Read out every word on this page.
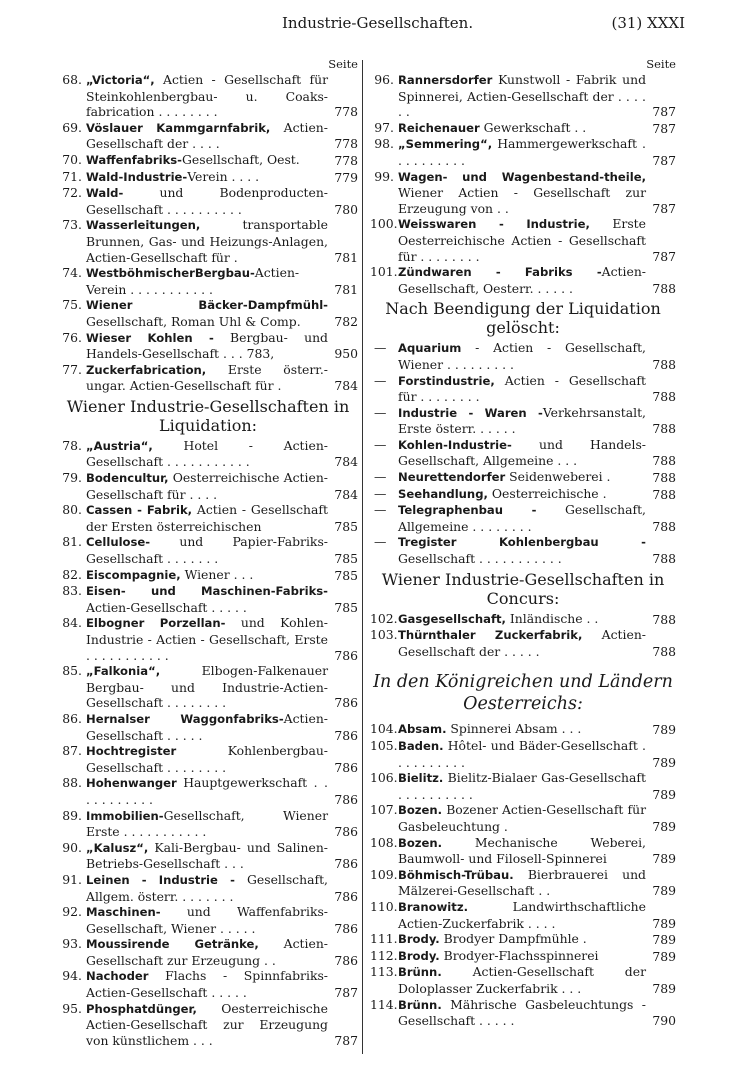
Industrie-Gesellschaften.	(31) XXXI
Seite
68. „Victoria“, Actien - Gesellschaft für Steinkohlenbergbau- u. Coaks-fabrication . . . . . . . .	778
69. Vöslauer Kammgarnfabrik, Actien-Gesellschaft der . . . .	778
70. Waffenfabriks-Gesellschaft, Oest.	778
71. Wald-Industrie-Verein . . . .	779
72. Wald- und Bodenproducten-Gesellschaft . . . . . . . . . .	780
73. Wasserleitungen, transportable Brunnen, Gas- und Heizungs-Anlagen, Actien-Gesellschaft für .	781
74. WestböhmischerBergbau-Actien-Verein . . . . . . . . . . .	781
75. Wiener Bäcker-Dampfmühl-Gesellschaft, Roman Uhl & Comp.	782
76. Wieser Kohlen - Bergbau- und Handels-Gesellschaft . . . 783,	950
77. Zuckerfabrication, Erste österr.-ungar. Actien-Gesellschaft für .	784
Wiener Industrie-Gesellschaften in Liquidation:
78. „Austria“, Hotel - Actien- Gesellschaft . . . . . . . . . . .	784
79. Bodencultur, Oesterreichische Actien-Gesellschaft für . . . .	784
80. Cassen - Fabrik, Actien - Gesellschaft der Ersten österreichischen	785
81. Cellulose- und Papier-Fabriks-Gesellschaft . . . . . . .	785
82. Eiscompagnie, Wiener . . .	785
83. Eisen- und Maschinen-Fabriks-Actien-Gesellschaft . . . . .	785
84. Elbogner Porzellan- und Kohlen-Industrie - Actien - Gesellschaft, Erste . . . . . . . . . . .	786
85. „Falkonia“, Elbogen-Falkenauer Bergbau- und Industrie-Actien-Gesellschaft . . . . . . . .	786
86. Hernalser Waggonfabriks-Actien-Gesellschaft . . . . .	786
87. Hochtregister Kohlenbergbau-Gesellschaft . . . . . . . .	786
88. Hohenwanger Hauptgewerkschaft . . . . . . . . . . .	786
89. Immobilien-Gesellschaft, Wiener Erste . . . . . . . . . . .	786
90. „Kalusz“, Kali-Bergbau- und Salinen-Betriebs-Gesellschaft . . .	786
91. Leinen - Industrie - Gesellschaft, Allgem. österr. . . . . . . .	786
92. Maschinen- und Waffenfabriks-Gesellschaft, Wiener . . . . .	786
93. Moussirende Getränke, Actien-Gesellschaft zur Erzeugung . .	786
94. Nachoder Flachs - Spinnfabriks-Actien-Gesellschaft . . . . .	787
95. Phosphatdünger, Oesterreichische Actien-Gesellschaft zur Erzeugung von künstlichem . . .	787
Seite
96. Rannersdorfer Kunstwoll - Fabrik und Spinnerei, Actien-Gesellschaft der . . . . . .	787
97. Reichenauer Gewerkschaft . .	787
98. „Semmering“, Hammergewerkschaft . . . . . . . . . .	787
99. Wagen- und Wagenbestand-theile, Wiener Actien - Gesellschaft zur Erzeugung von . .	787
100. Weisswaren - Industrie, Erste Oesterreichische Actien - Gesellschaft für . . . . . . . .	787
101. Zündwaren - Fabriks -Actien-Gesellschaft, Oesterr. . . . . .	788
Nach Beendigung der Liquidation gelöscht:
— Aquarium - Actien - Gesellschaft, Wiener . . . . . . . . .	788
— Forstindustrie, Actien - Gesellschaft für . . . . . . . .	788
— Industrie - Waren -Verkehrsanstalt, Erste österr. . . . . .	788
— Kohlen-Industrie- und Handels-Gesellschaft, Allgemeine . . .	788
— Neurettendorfer Seidenweberei .	788
— Seehandlung, Oesterreichische .	788
— Telegraphenbau - Gesellschaft, Allgemeine . . . . . . . .	788
— Tregister Kohlenbergbau - Gesellschaft . . . . . . . . . . .	788
Wiener Industrie-Gesellschaften in Concurs:
102. Gasgesellschaft, Inländische . .	788
103. Thürnthaler Zuckerfabrik, Actien-Gesellschaft der . . . . .	788
In den Königreichen und Ländern Oesterreichs:
104. Absam. Spinnerei Absam . . .	789
105. Baden. Hôtel- und Bäder-Gesellschaft . . . . . . . . . .	789
106. Bielitz. Bielitz-Bialaer Gas-Gesellschaft . . . . . . . . . .	789
107. Bozen. Bozener Actien-Gesellschaft für Gasbeleuchtung .	789
108. Bozen. Mechanische Weberei, Baumwoll- und Filosell-Spinnerei	789
109. Böhmisch-Trübau. Bierbrauerei und Mälzerei-Gesellschaft . .	789
110. Branowitz. Landwirthschaftliche Actien-Zuckerfabrik . . . .	789
111. Brody. Brodyer Dampfmühle .	789
112. Brody. Brodyer-Flachsspinnerei	789
113. Brünn. Actien-Gesellschaft der Doloplasser Zuckerfabrik . . .	789
114. Brünn. Mährische Gasbeleuchtungs - Gesellschaft . . . . .	790
